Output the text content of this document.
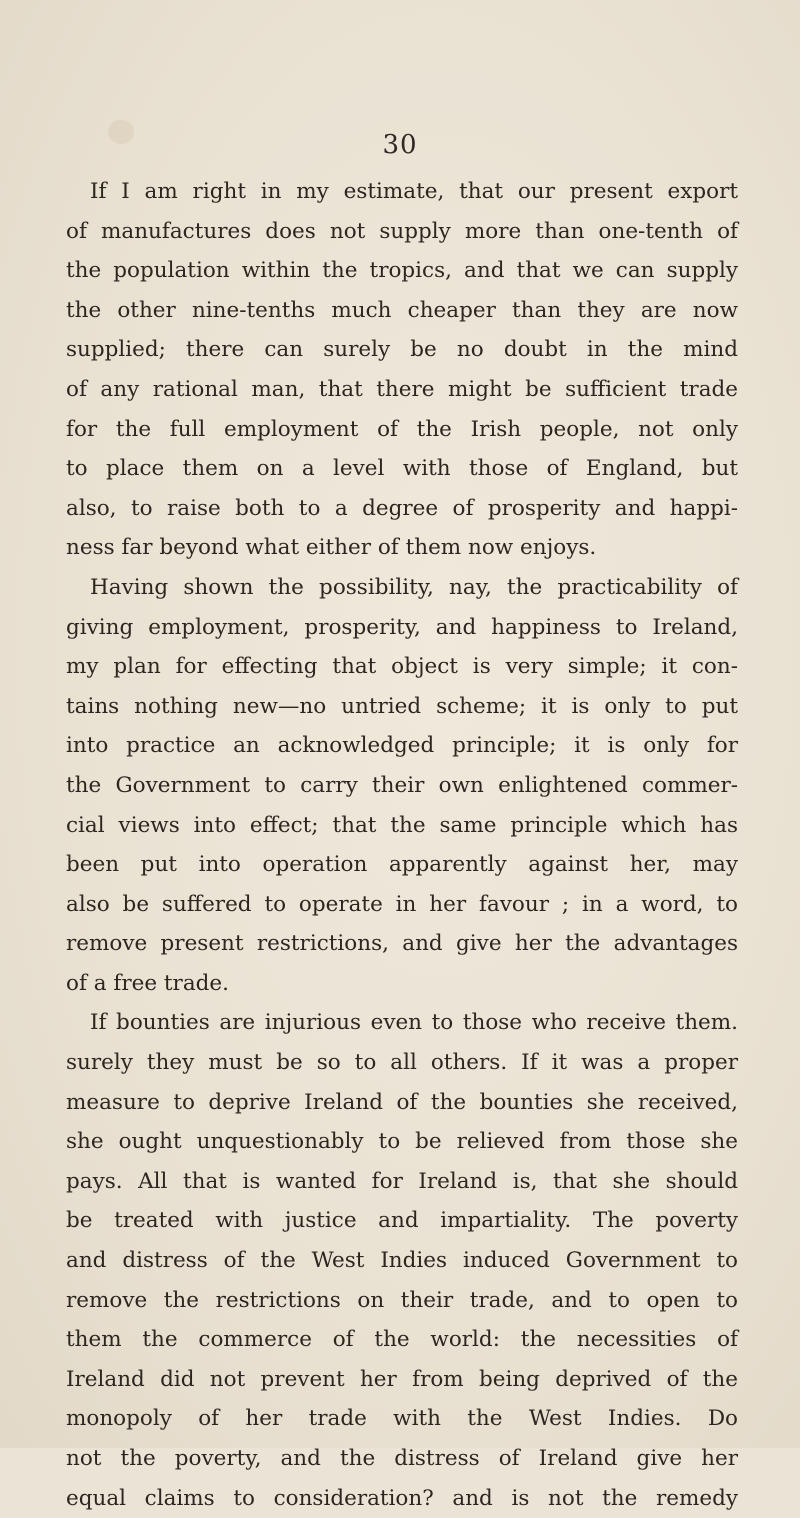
30
If I am right in my estimate, that our present export
of manufactures does not supply more than one-tenth of
the population within the tropics, and that we can supply
the other nine-tenths much cheaper than they are now
supplied; there can surely be no doubt in the mind
of any rational man, that there might be sufficient trade
for the full employment of the Irish people, not only
to place them on a level with those of England, but
also, to raise both to a degree of prosperity and happi-
ness far beyond what either of them now enjoys.
Having shown the possibility, nay, the practicability of
giving employment, prosperity, and happiness to Ireland,
my plan for effecting that object is very simple; it con-
tains nothing new—no untried scheme; it is only to put
into practice an acknowledged principle; it is only for
the Government to carry their own enlightened commer-
cial views into effect; that the same principle which has
been put into operation apparently against her, may
also be suffered to operate in her favour ; in a word, to
remove present restrictions, and give her the advantages
of a free trade.
If bounties are injurious even to those who receive them.
surely they must be so to all others. If it was a proper
measure to deprive Ireland of the bounties she received,
she ought unquestionably to be relieved from those she
pays. All that is wanted for Ireland is, that she should
be treated with justice and impartiality. The poverty
and distress of the West Indies induced Government to
remove the restrictions on their trade, and to open to
them the commerce of the world: the necessities of
Ireland did not prevent her from being deprived of the
monopoly of her trade with the West Indies. Do
not the poverty, and the distress of Ireland give her
equal claims to consideration? and is not the remedy
